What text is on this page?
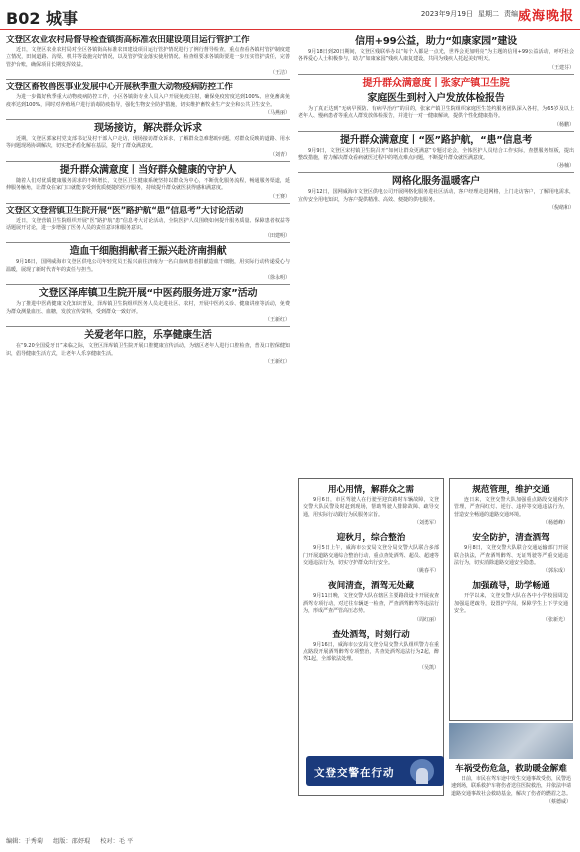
B02 城事	2023年9月19日 星期二 责编 威海晚报
文登区农业农村局督导检查镇街高标准农田建设项目运行管护工作
近日，文登区农业农村局对全区各镇街高标准农田建设项目运行管护情况进行了例行督导检查，重点查看各镇村管护制度建立情况，田间道路、沟渠、机井等设施完好情况，以及管护资金落实使用情况。检查组要求各镇街要进一步压实管护责任，完善管护台账，确保项目长期发挥效益。
（王洁）
文登区畜牧兽医事业发展中心开展秋季重大动物疫病防控工作
为进一步做好秋季重大动物疫病防控工作，小区各镇街专业人员入户开展免疫注射，确保免疫密度达到100%、应免畜禽免疫率达到100%，同时对养殖场户进行消毒防疫指导，强化生物安全防护措施，切实维护畜牧业生产安全和公共卫生安全。
（马燕丽）
现场接访，解决群众诉求
近期，文登区郭家村党支部书记及村干部入户走访，现场接访群众诉求，了解群众急难愁盼问题，对群众反映的道路、用水等问题现场协调解决，切实把矛盾化解在基层，提升了群众满意度。
（刘青）
提升群众满意度丨当好群众健康的守护人
随着人们对优质健康服务需求的不断增长，文登区卫生健康系统坚持以群众为中心，不断优化服务流程，畅通服务渠道，延伸服务触角，让群众在家门口就能享受到优质便捷的医疗服务，持续提升群众就医获得感和满意度。
（王赛）
文登区文登营镇卫生院开展“医”路护航“患”信息考”大讨论活动
近日，文登营镇卫生院组织开展“医”路护航“患”信息考大讨论活动，全院医护人员围绕如何提升服务质量、保障患者权益等话题展开讨论，进一步增强了医务人员的责任意识和服务意识。
（田建明）
造血干细胞捐献者王振兴赴济南捐献
9月16日，国网威海市文登区供电公司年轻党员王振兴前往济南为一名白血病患者捐献造血干细胞，用实际行动传递爱心与温暖，展现了新时代青年的责任与担当。
（徐永明）
文登区泽库镇卫生院开展“中医药服务进万家”活动
为了推进中医药健康文化知识普及，泽库镇卫生院组织医务人员走进社区、农村，开展中医药义诊、健康讲座等活动，免费为群众测量血压、血糖，发放宣传资料，受到群众一致好评。
（王新红）
关爱老年口腔，乐享健康生活
在“9.20全国爱牙日”来临之际，文登区泽库镇卫生院开展口腔健康宣传活动，为辖区老年人进行口腔检查，普及口腔保健知识，倡导健康生活方式，让老年人乐享健康生活。
（王新红）
信用+99公益，助力“如康家园”建设
9月18日到20日期间，文登区残联举办以“每个人都是一点光，世界会更加明亮”为主题的信用+99公益活动，呼吁社会各界爱心人士积极参与，助力“如康家园”残疾人康复建设，共同为残疾人托起美好明天。
（王建芬）
提升群众满意度丨张家产镇卫生院
家庭医生到村入户发放体检报告
为了真正达到“无病早预防、有病早治疗”的目的，张家产镇卫生院组织家庭医生签约服务团队深入各村，为65岁及以上老年人、慢病患者等重点人群发放体检报告，并进行一对一健康解读，提供个性化健康指导。
（杨鹏）
提升群众满意度丨“医”路护航，“患”信息考
9月9日，文登区宋村镇卫生院召开“如何让群众更满意”专题讨论会，全体医护人员结合工作实际，查摆服务短板，提出整改措施，着力解决群众看病就医过程中的堵点难点问题，不断提升群众就医满意度。
（孙楠）
网格化服务温暖客户
9月12日，国网威海市文登区供电公司开展网格化服务进社区活动，客户经理走进网格，上门走访客户，了解用电需求，宣传安全用电知识，为客户提供精准、高效、便捷的供电服务。
（倪绪和）
用心用情，解群众之需
9月6日，市区驾驶人在行驶至迎宾路时车辆故障，文登交警大队民警及时赶到现场，帮助驾驶人排除故障、疏导交通，用实际行动践行为民服务宗旨。
（刘勇军）
迎秋月，综合整治
9月5日上午，威海市公安局文登分局交警大队联合多部门开展道路交通综合整治行动，重点查处酒驾、超员、超速等交通违法行为，切实守护群众出行安全。
（姚春平）
夜间清查，酒驾无处藏
9月11日晚，文登交警大队在辖区主要路段设卡开展夜查酒驾专项行动，对过往车辆逐一检查，严查酒驾醉驾等违法行为，形成严查严管高压态势。
（周红丽）
查处酒驾，时刻行动
9月16日，威海市公安局文登分局交警大队组织警力在重点路段开展酒驾醉驾专项整治，共查处酒驾违法行为2起，醉驾1起，全部依法处理。
（吴凯）
规范管理，维护交通
连日来，文登交警大队加强重点路段交通秩序管理，严查闯红灯、逆行、违停等交通违法行为，营造安全畅通的道路交通环境。
（杨德峰）
安全防护，清查酒驾
9月8日，文登交警大队联合交通运输部门开展联合执法，严查酒驾醉驾、无证驾驶等严重交通违法行为，切实消除道路交通安全隐患。
（郭东成）
加强疏导，助学畅通
开学以来，文登交警大队在各中小学校园周边加强巡逻疏导，设置护学岗，保障学生上下学交通安全。
（张新光）
车祸受伤危急，救助暖金解难
日前，市民在驾车途中发生交通事故受伤，民警迅速到场，联系救护车将伤者送往医院救治，并依法申请道路交通事故社会救助基金，解决了伤者的燃眉之急。
（蔡德威）
文登交警在行动
编辑：于秀菊 组版：邵妤琨 校对：毛 平
